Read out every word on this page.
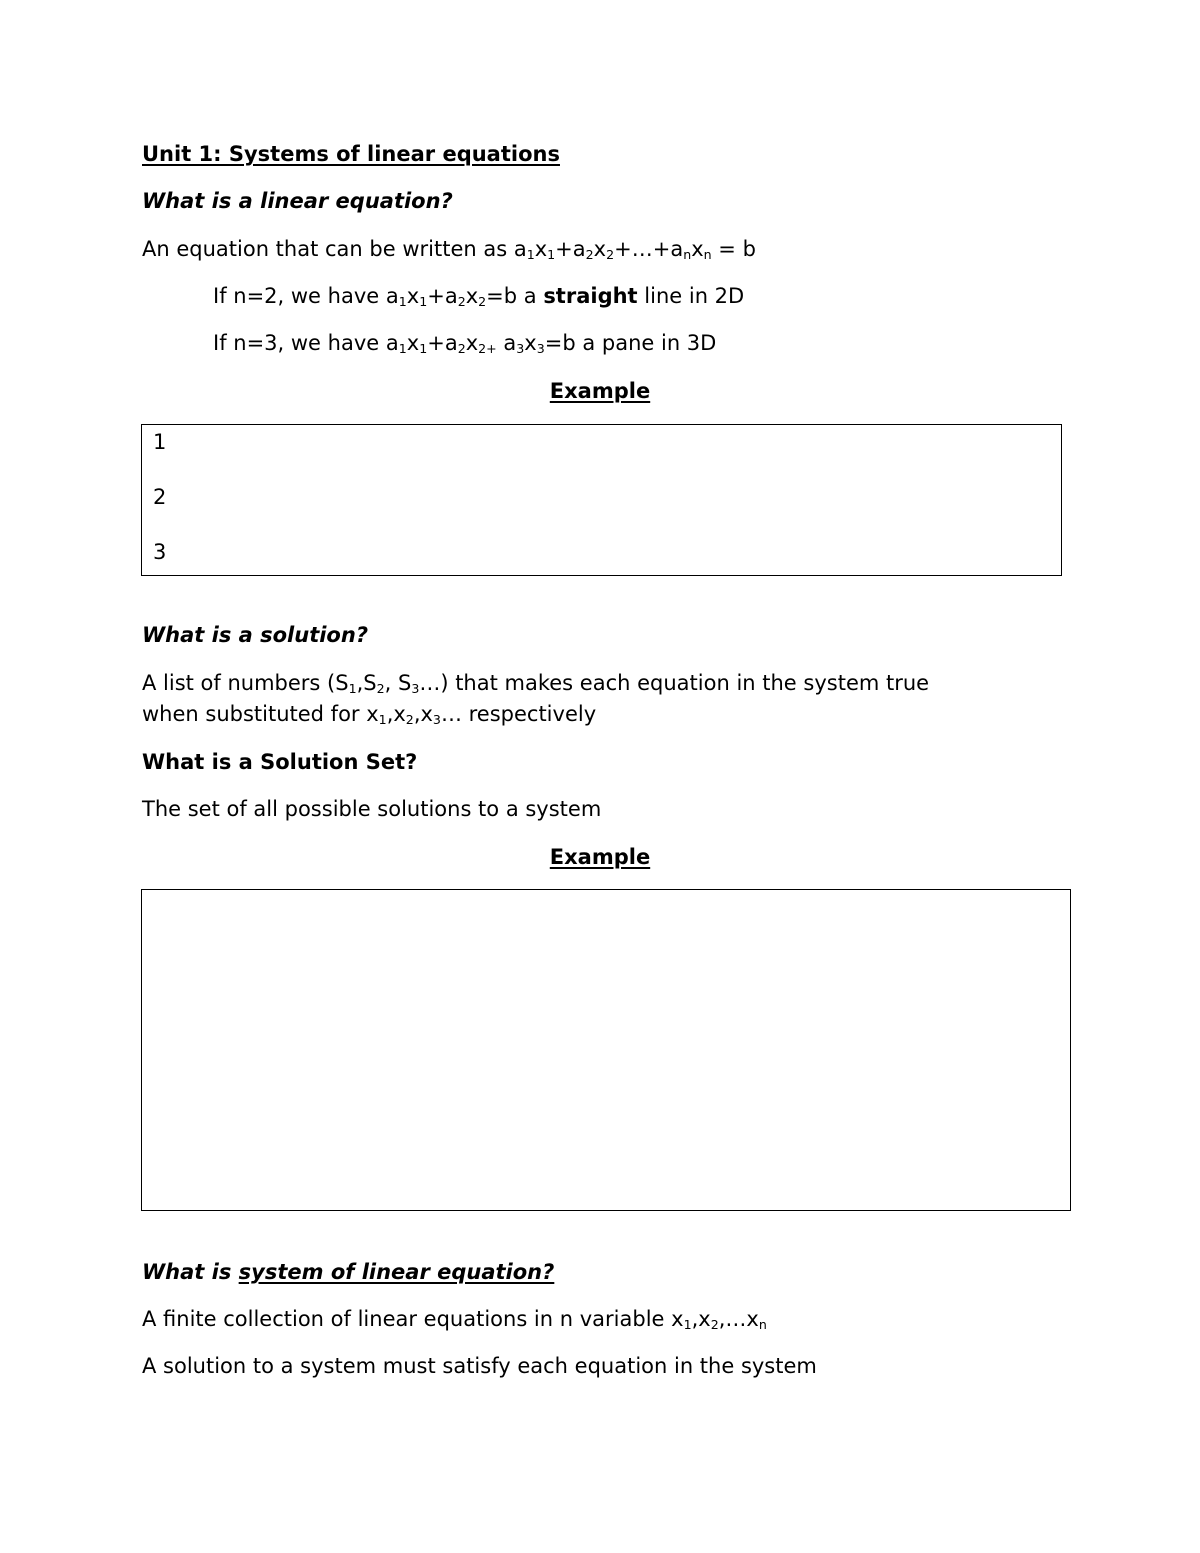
Unit 1: Systems of linear equations
What is a linear equation?
An equation that can be written as $a_1x_1+a_2x_2+\dots+a_nx_n = b$
If n=2, we have $a_1x_1+a_2x_2=b$ a straight line in 2D
If n=3, we have $a_1x_1+a_2x_{2+}$ $a_3x_3=b$ a pane in 3D
Example
1
2
3
What is a solution?
A list of numbers ($S_1,S_2$, $S_3\dots$) that makes each equation in the system true
when substituted for $x_1,x_2,x_3\dots$ respectively
What is a Solution Set?
The set of all possible solutions to a system
Example
What is system of linear equation?
A finite collection of linear equations in n variable $x_1,x_2,\dots x_n$
A solution to a system must satisfy each equation in the system
